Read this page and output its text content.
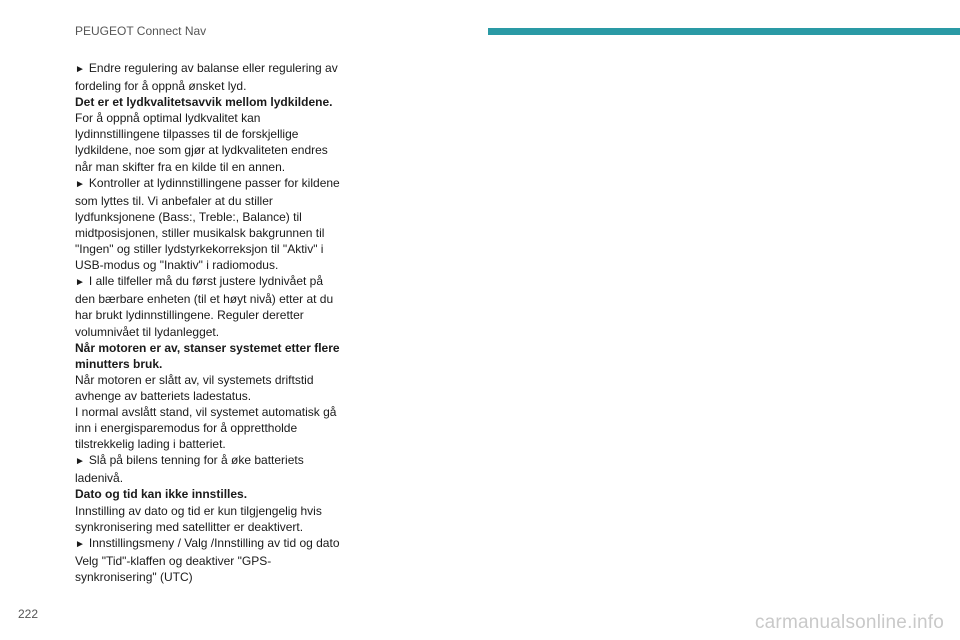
PEUGEOT Connect Nav

► Endre regulering av balanse eller regulering av fordeling for å oppnå ønsket lyd.

Det er et lydkvalitetsavvik mellom lydkildene.

For å oppnå optimal lydkvalitet kan lydinnstillingene tilpasses til de forskjellige lydkildene, noe som gjør at lydkvaliteten endres når man skifter fra en kilde til en annen.

► Kontroller at lydinnstillingene passer for kildene som lyttes til. Vi anbefaler at du stiller lydfunksjonene (Bass:, Treble:, Balance) til midtposisjonen, stiller musikalsk bakgrunnen til "Ingen" og stiller lydstyrkekorreksjon til "Aktiv" i USB-modus og "Inaktiv" i radiomodus.

► I alle tilfeller må du først justere lydnivået på den bærbare enheten (til et høyt nivå) etter at du har brukt lydinnstillingene. Reguler deretter volumnivået til lydanlegget.

Når motoren er av, stanser systemet etter flere minutters bruk.

Når motoren er slått av, vil systemets driftstid avhenge av batteriets ladestatus.

I normal avslått stand, vil systemet automatisk gå inn i energisparemodus for å opprettholde tilstrekkelig lading i batteriet.

► Slå på bilens tenning for å øke batteriets ladenivå.

Dato og tid kan ikke innstilles.

Innstilling av dato og tid er kun tilgjengelig hvis synkronisering med satellitter er deaktivert.

► Innstillingsmeny / Valg /Innstilling av tid og dato Velg "Tid"-klaffen og deaktiver "GPS-synkronisering" (UTC)

222	carmanualsonline.info
